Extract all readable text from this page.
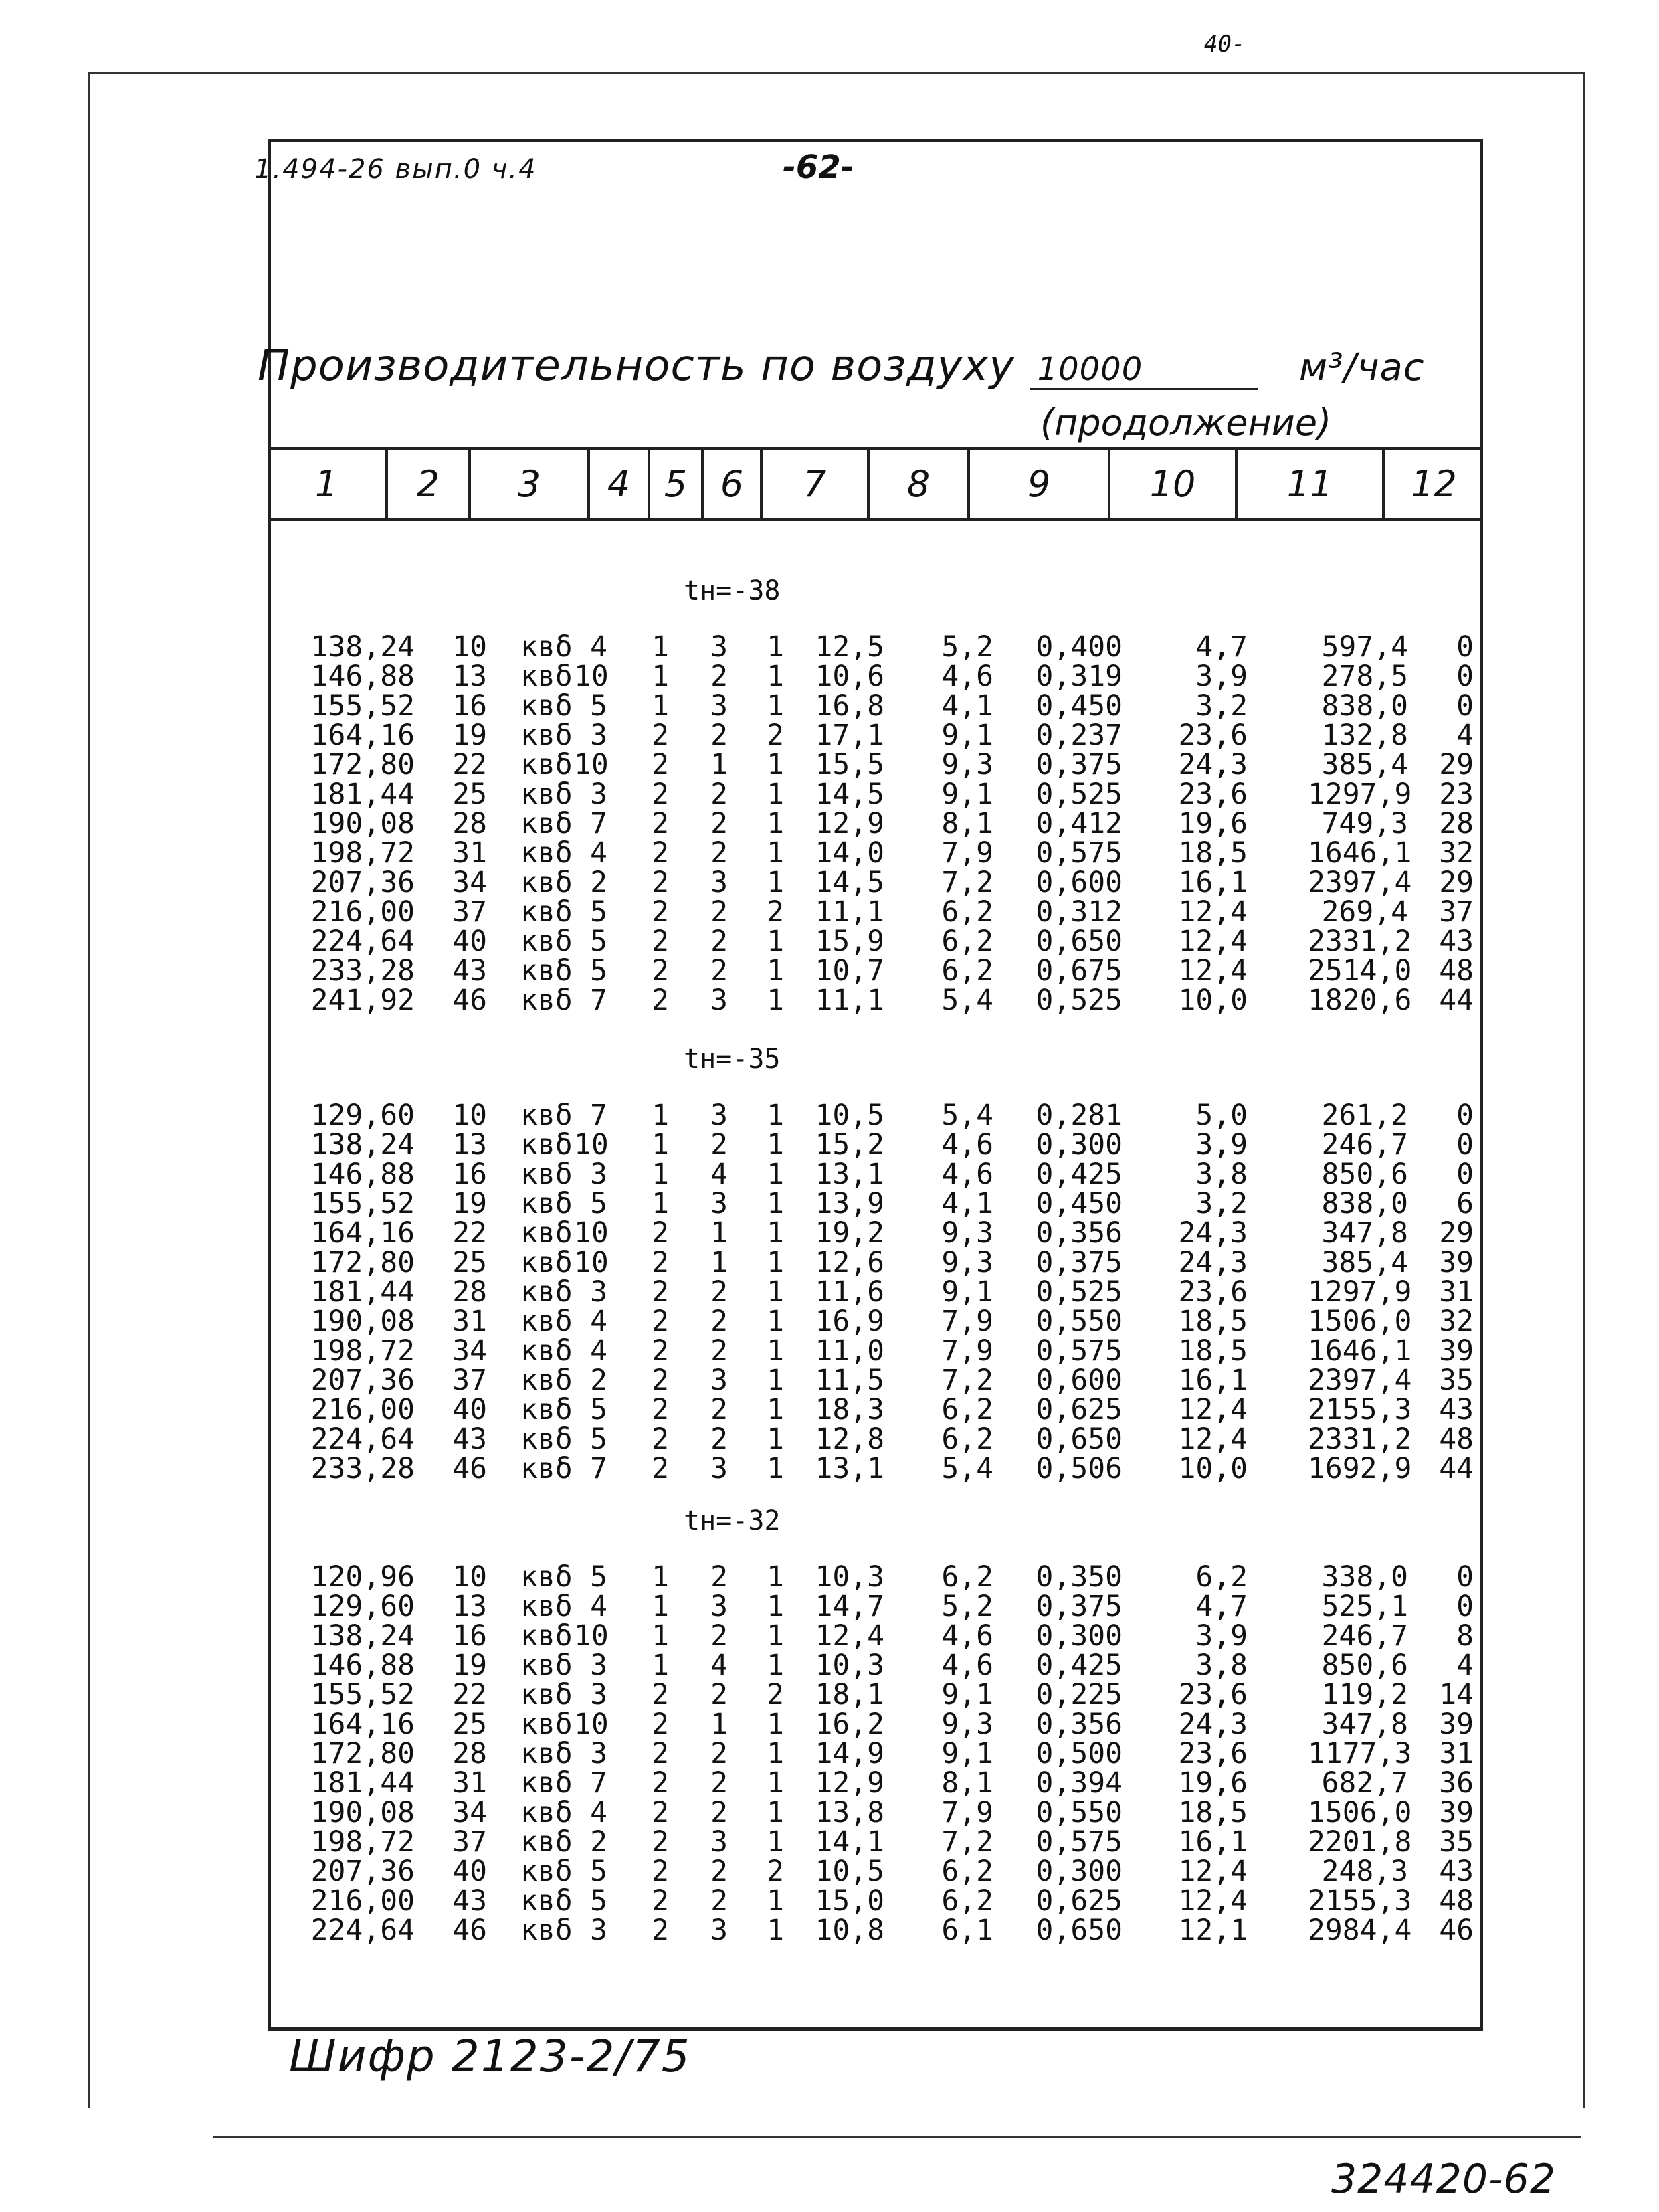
40-
1.494-26 вып.0 ч.4	-62-
Производительность по воздуху 10000	м³/час
(продолжение)
1	2	3	4 5 6	7	8	9	10	11	12
tн=-38
138,24 10 квδ 4	1	3	1 12,5 5,2	0,400	4,7	597,4	0
146,88 13 квδ 10	1	2	1 10,6 4,6	0,319	3,9	278,5	0
155,52 16 квδ 5	1	3	1 16,8 4,1	0,450	3,2	838,0	0
164,16 19 квδ 3	2	2	2 17,1 9,1	0,237 23,6	132,8	4
172,80 22 квδ 10	2	1	1 15,5 9,3	0,375 24,3	385,4	29
181,44 25 квδ 3	2	2	1 14,5 9,1	0,525 23,6 1297,9 23
190,08 28 квδ 7	2	2	1 12,9 8,1	0,412 19,6	749,3	28
198,72 31 квδ 4	2	2	1 14,0 7,9	0,575 18,5 1646,1 32
207,36 34 квδ 2	2	3	1 14,5 7,2	0,600 16,1 2397,4 29
216,00 37 квδ 5	2	2	2 11,1 6,2	0,312 12,4	269,4	37
224,64 40 квδ 5	2	2	1 15,9 6,2	0,650 12,4 2331,2 43
233,28 43 квδ 5	2	2	1 10,7 6,2	0,675 12,4 2514,0 48
241,92 46 квδ 7	2	3	1 11,1 5,4	0,525 10,0 1820,6 44
tн=-35
129,60 10 квδ 7	1	3	1 10,5 5,4	0,281	5,0	261,2	0
138,24 13 квδ 10	1	2	1 15,2 4,6	0,300	3,9	246,7	0
146,88 16 квδ 3	1	4	1 13,1 4,6	0,425	3,8	850,6	0
155,52 19 квδ 5	1	3	1 13,9 4,1	0,450	3,2	838,0	6
164,16 22 квδ 10	2	1	1 19,2 9,3	0,356 24,3	347,8	29
172,80 25 квδ 10	2	1	1 12,6 9,3	0,375 24,3	385,4	39
181,44 28 квδ 3	2	2	1 11,6 9,1	0,525 23,6 1297,9 31
190,08 31 квδ 4	2	2	1 16,9 7,9	0,550 18,5 1506,0 32
198,72 34 квδ 4	2	2	1 11,0 7,9	0,575 18,5 1646,1 39
207,36 37 квδ 2	2	3	1 11,5 7,2	0,600 16,1 2397,4 35
216,00 40 квδ 5	2	2	1 18,3 6,2	0,625 12,4 2155,3 43
224,64 43 квδ 5	2	2	1 12,8 6,2	0,650 12,4 2331,2 48
233,28 46 квδ 7	2	3	1 13,1 5,4	0,506 10,0 1692,9 44
tн=-32
120,96 10 квδ 5	1	2	1 10,3 6,2	0,350	6,2	338,0	0
129,60 13 квδ 4	1	3	1 14,7 5,2	0,375	4,7	525,1	0
138,24 16 квδ 10	1	2	1 12,4 4,6	0,300	3,9	246,7	8
146,88 19 квδ 3	1	4	1 10,3 4,6	0,425	3,8	850,6	4
155,52 22 квδ 3	2	2	2 18,1 9,1	0,225 23,6	119,2	14
164,16 25 квδ 10	2	1	1 16,2 9,3	0,356 24,3	347,8	39
172,80 28 квδ 3	2	2	1 14,9 9,1	0,500 23,6 1177,3 31
181,44 31 квδ 7	2	2	1 12,9 8,1	0,394 19,6	682,7	36
190,08 34 квδ 4	2	2	1 13,8 7,9	0,550 18,5 1506,0 39
198,72 37 квδ 2	2	3	1 14,1 7,2	0,575 16,1 2201,8 35
207,36 40 квδ 5	2	2	2 10,5 6,2	0,300 12,4	248,3	43
216,00 43 квδ 5	2	2	1 15,0 6,2	0,625 12,4 2155,3 48
224,64 46 квδ 3	2	3	1 10,8 6,1	0,650 12,1 2984,4 46
Шифр 2123-2/75
324420-62
